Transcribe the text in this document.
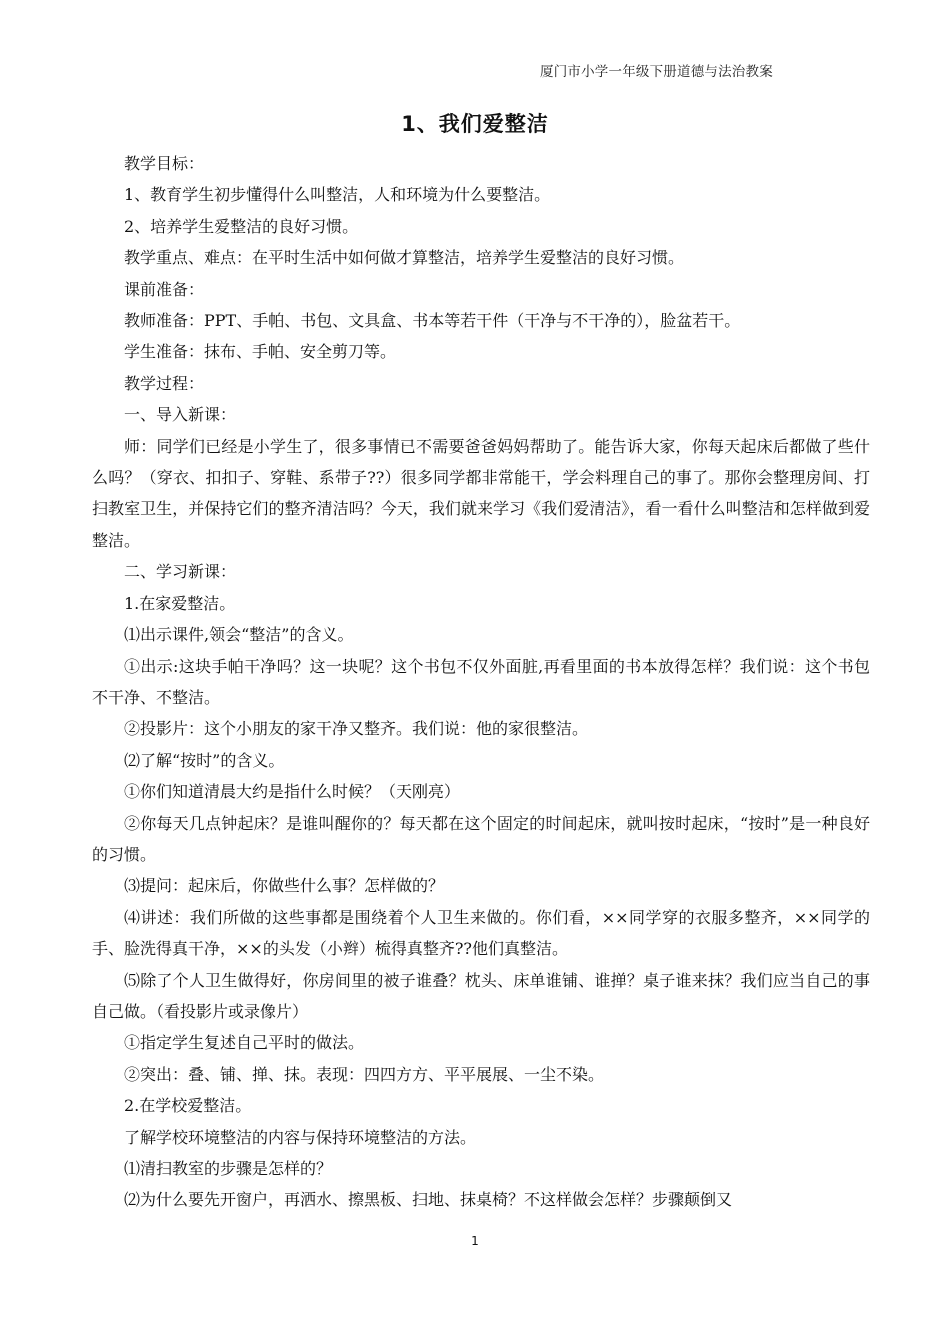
厦门市小学一年级下册道德与法治教案
1、我们爱整洁

教学目标：

1、教育学生初步懂得什么叫整洁，人和环境为什么要整洁。

2、培养学生爱整洁的良好习惯。

教学重点、难点：在平时生活中如何做才算整洁，培养学生爱整洁的良好习惯。

课前准备：

教师准备：PPT、手帕、书包、文具盒、书本等若干件（干净与不干净的），脸盆若干。

学生准备：抹布、手帕、安全剪刀等。

教学过程：

一、导入新课：

师：同学们已经是小学生了，很多事情已不需要爸爸妈妈帮助了。能告诉大家，你每天起床后都做了些什么吗？（穿衣、扣扣子、穿鞋、系带子??）很多同学都非常能干，学会料理自己的事了。那你会整理房间、打扫教室卫生，并保持它们的整齐清洁吗？今天，我们就来学习《我们爱清洁》，看一看什么叫整洁和怎样做到爱整洁。

二、学习新课：

1.在家爱整洁。

⑴出示课件,领会“整洁”的含义。

①出示:这块手帕干净吗？这一块呢？这个书包不仅外面脏,再看里面的书本放得怎样？我们说：这个书包不干净、不整洁。

②投影片：这个小朋友的家干净又整齐。我们说：他的家很整洁。

⑵了解“按时”的含义。

①你们知道清晨大约是指什么时候？（天刚亮）

②你每天几点钟起床？是谁叫醒你的？每天都在这个固定的时间起床，就叫按时起床，“按时”是一种良好的习惯。

⑶提问：起床后，你做些什么事？怎样做的？

⑷讲述：我们所做的这些事都是围绕着个人卫生来做的。你们看，××同学穿的衣服多整齐，××同学的手、脸洗得真干净，××的头发（小辫）梳得真整齐??他们真整洁。

⑸除了个人卫生做得好，你房间里的被子谁叠？枕头、床单谁铺、谁掸？桌子谁来抹？我们应当自己的事自己做。（看投影片或录像片）

①指定学生复述自己平时的做法。

②突出：叠、铺、掸、抹。表现：四四方方、平平展展、一尘不染。

2.在学校爱整洁。

了解学校环境整洁的内容与保持环境整洁的方法。

⑴清扫教室的步骤是怎样的？

⑵为什么要先开窗户，再洒水、擦黑板、扫地、抹桌椅？不这样做会怎样？步骤颠倒又

1
